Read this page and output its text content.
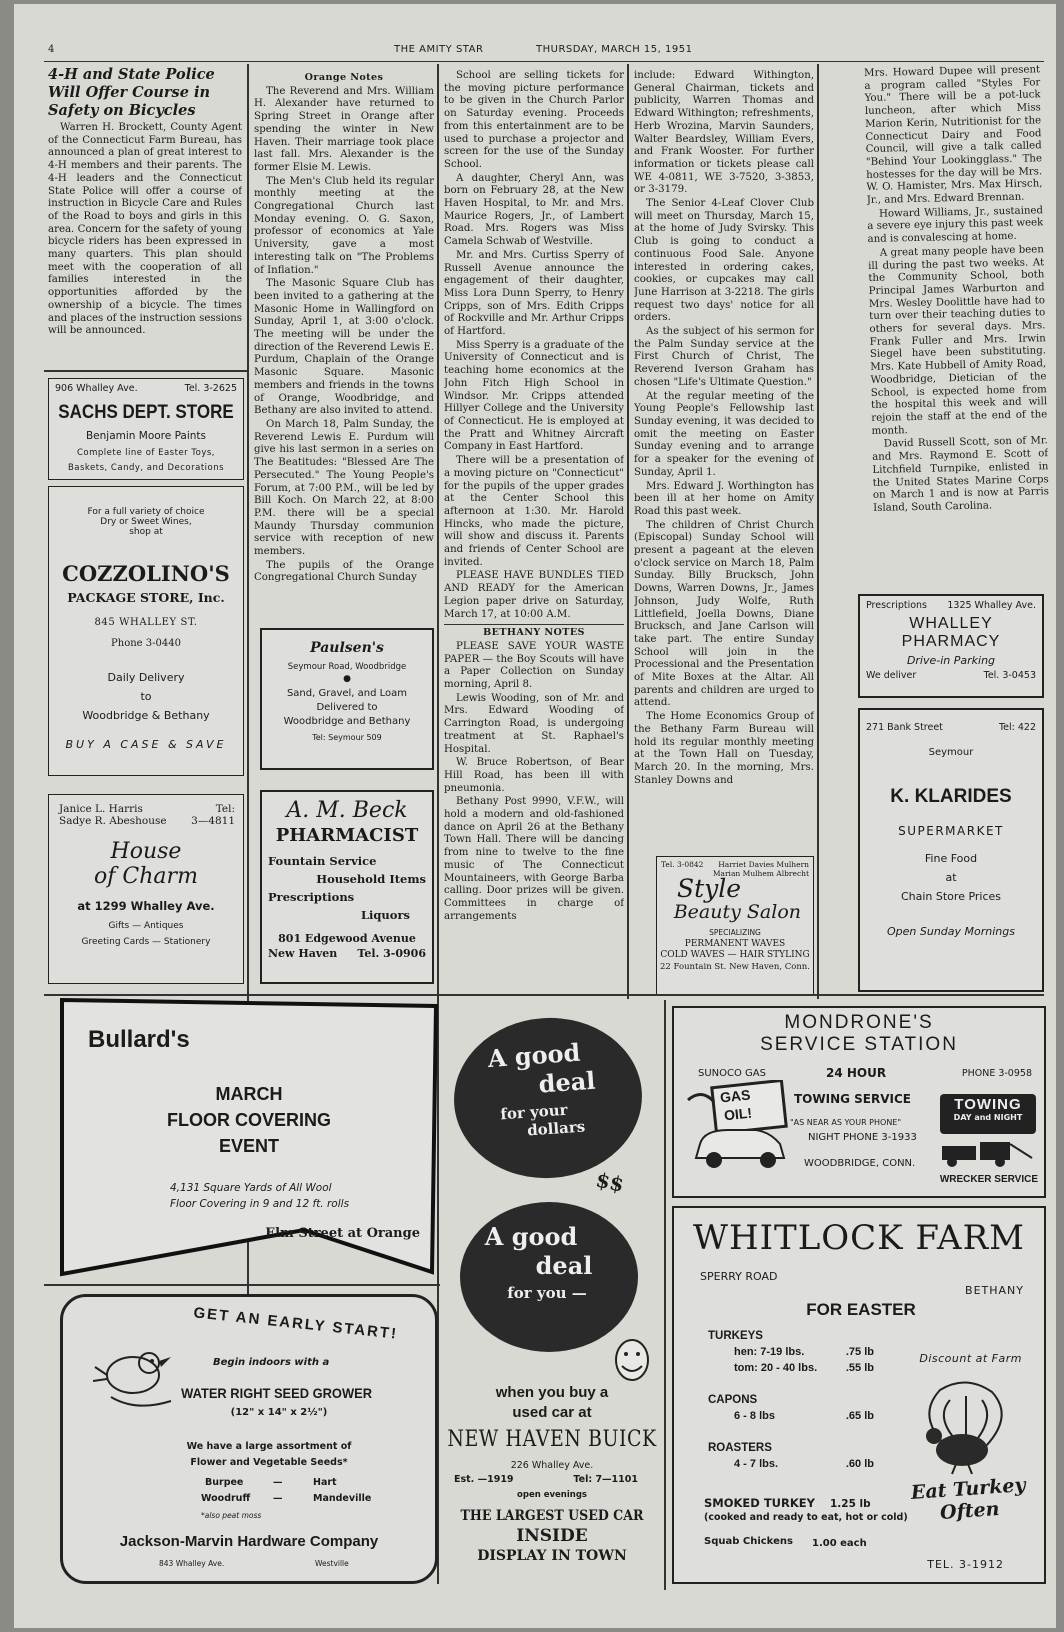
4	THE AMITY STAR	THURSDAY, MARCH 15, 1951
4-H and State Police Will Offer Course in Safety on Bicycles

Warren H. Brockett, County Agent of the Connecticut Farm Bureau, has announced a plan of great interest to 4-H members and their parents. The 4-H leaders and the Connecticut State Police will offer a course of instruction in Bicycle Care and Rules of the Road to boys and girls in this area. Concern for the safety of young bicycle riders has been expressed in many quarters. This plan should meet with the cooperation of all families interested in the opportunities afforded by the ownership of a bicycle. The times and places of the instruction sessions will be announced.

906 Whalley Ave.	Tel. 3-2625
SACHS DEPT. STORE
Benjamin Moore Paints
Complete line of Easter Toys,
Baskets, Candy, and Decorations
For a full variety of choice
Dry or Sweet Wines,
shop at
COZZOLINO'S
PACKAGE STORE, Inc.
845 WHALLEY ST.
Phone 3-0440
Daily Delivery
to
Woodbridge & Bethany
BUY A CASE & SAVE
Janice L. Harris
Sadye R. Abeshouse
Tel:
3—4811
House
of Charm
at 1299 Whalley Ave.
Gifts — Antiques
Greeting Cards — Stationery
Orange Notes

The Reverend and Mrs. William H. Alexander have returned to Spring Street in Orange after spending the winter in New Haven. Their marriage took place last fall. Mrs. Alexander is the former Elsie M. Lewis.

The Men's Club held its regular monthly meeting at the Congregational Church last Monday evening. O. G. Saxon, professor of economics at Yale University, gave a most interesting talk on "The Problems of Inflation."

The Masonic Square Club has been invited to a gathering at the Masonic Home in Wallingford on Sunday, April 1, at 3:00 o'clock. The meeting will be under the direction of the Reverend Lewis E. Purdum, Chaplain of the Orange Masonic Square. Masonic members and friends in the towns of Orange, Woodbridge, and Bethany are also invited to attend.

On March 18, Palm Sunday, the Reverend Lewis E. Purdum will give his last sermon in a series on The Beatitudes: "Blessed Are The Persecuted." The Young People's Forum, at 7:00 P.M., will be led by Bill Koch. On March 22, at 8:00 P.M. there will be a special Maundy Thursday communion service with reception of new members.

The pupils of the Orange Congregational Church Sunday

Paulsen's
Seymour Road, Woodbridge
●
Sand, Gravel, and Loam
Delivered to
Woodbridge and Bethany
Tel: Seymour 509
A. M. Beck
PHARMACIST
Fountain Service
Household Items
Prescriptions
Liquors
801 Edgewood Avenue
New Haven Tel. 3-0906

School are selling tickets for the moving picture performance to be given in the Church Parlor on Saturday evening. Proceeds from this entertainment are to be used to purchase a projector and screen for the use of the Sunday School.

A daughter, Cheryl Ann, was born on February 28, at the New Haven Hospital, to Mr. and Mrs. Maurice Rogers, Jr., of Lambert Road. Mrs. Rogers was Miss Camela Schwab of Westville.

Mr. and Mrs. Curtiss Sperry of Russell Avenue announce the engagement of their daughter, Miss Lora Dunn Sperry, to Henry Cripps, son of Mrs. Edith Cripps of Rockville and Mr. Arthur Cripps of Hartford.

Miss Sperry is a graduate of the University of Connecticut and is teaching home economics at the John Fitch High School in Windsor. Mr. Cripps attended Hillyer College and the University of Connecticut. He is employed at the Pratt and Whitney Aircraft Company in East Hartford.

There will be a presentation of a moving picture on "Connecticut" for the pupils of the upper grades at the Center School this afternoon at 1:30. Mr. Harold Hincks, who made the picture, will show and discuss it. Parents and friends of Center School are invited.

PLEASE HAVE BUNDLES TIED AND READY for the American Legion paper drive on Saturday, March 17, at 10:00 A.M.

BETHANY NOTES

PLEASE SAVE YOUR WASTE PAPER — the Boy Scouts will have a Paper Collection on Sunday morning, April 8.

Lewis Wooding, son of Mr. and Mrs. Edward Wooding of Carrington Road, is undergoing treatment at St. Raphael's Hospital.

W. Bruce Robertson, of Bear Hill Road, has been ill with pneumonia.

Bethany Post 9990, V.F.W., will hold a modern and old-fashioned dance on April 26 at the Bethany Town Hall. There will be dancing from nine to twelve to the fine music of The Connecticut Mountaineers, with George Barba calling. Door prizes will be given. Committees in charge of arrangements

include: Edward Withington, General Chairman, tickets and publicity, Warren Thomas and Edward Withington; refreshments, Herb Wrozina, Marvin Saunders, Walter Beardsley, William Evers, and Frank Wooster. For further information or tickets please call WE 4-0811, WE 3-7520, 3-3853, or 3-3179.

The Senior 4-Leaf Clover Club will meet on Thursday, March 15, at the home of Judy Svirsky. This Club is going to conduct a continuous Food Sale. Anyone interested in ordering cakes, cookies, or cupcakes may call June Harrison at 3-2218. The girls request two days' notice for all orders.

As the subject of his sermon for the Palm Sunday service at the First Church of Christ, The Reverend Iverson Graham has chosen "Life's Ultimate Question."

At the regular meeting of the Young People's Fellowship last Sunday evening, it was decided to omit the meeting on Easter Sunday evening and to arrange for a speaker for the evening of Sunday, April 1.

Mrs. Edward J. Worthington has been ill at her home on Amity Road this past week.

The children of Christ Church (Episcopal) Sunday School will present a pageant at the eleven o'clock service on March 18, Palm Sunday. Billy Brucksch, John Downs, Warren Downs, Jr., James Johnson, Judy Wolfe, Ruth Littlefield, Joella Downs, Diane Brucksch, and Jane Carlson will take part. The entire Sunday School will join in the Processional and the Presentation of Mite Boxes at the Altar. All parents and children are urged to attend.

The Home Economics Group of the Bethany Farm Bureau will hold its regular monthly meeting at the Town Hall on Tuesday, March 20. In the morning, Mrs. Stanley Downs and

Tel. 3-0842 Harriet Davies Mulhern
Marian Mulhem Albrecht
Style
Beauty Salon
SPECIALIZING
PERMANENT WAVES
COLD WAVES — HAIR STYLING
22 Fountain St. New Haven, Conn.

Mrs. Howard Dupee will present a program called "Styles For You." There will be a pot-luck luncheon, after which Miss Marion Kerin, Nutritionist for the Connecticut Dairy and Food Council, will give a talk called "Behind Your Lookingglass." The hostesses for the day will be Mrs. W. O. Hamister, Mrs. Max Hirsch, Jr., and Mrs. Edward Brennan.

Howard Williams, Jr., sustained a severe eye injury this past week and is convalescing at home.

A great many people have been ill during the past two weeks. At the Community School, both Principal James Warburton and Mrs. Wesley Doolittle have had to turn over their teaching duties to others for several days. Mrs. Frank Fuller and Mrs. Irwin Siegel have been substituting. Mrs. Kate Hubbell of Amity Road, Woodbridge, Dietician of the School, is expected home from the hospital this week and will rejoin the staff at the end of the month.

David Russell Scott, son of Mr. and Mrs. Raymond E. Scott of Litchfield Turnpike, enlisted in the United States Marine Corps on March 1 and is now at Parris Island, South Carolina.

Prescriptions 1325 Whalley Ave.
WHALLEY
PHARMACY
Drive-in Parking
We deliver	Tel. 3-0453
271 Bank Street	Tel: 422
Seymour
K. KLARIDES
SUPERMARKET
Fine Food
at
Chain Store Prices
Open Sunday Mornings
Bullard's
MARCH
FLOOR COVERING
EVENT
4,131 Square Yards of All Wool
Floor Covering in 9 and 12 ft. rolls
Elm Street at Orange
GET AN EARLY START!
Begin indoors with a
WATER RIGHT SEED GROWER
(12" x 14" x 2½")
We have a large assortment of
Flower and Vegetable Seeds*
Burpee	—	Hart
Woodruff —	Mandeville
*also peat moss
Jackson-Marvin Hardware Company
843 Whalley Ave.	Westville
A good
deal
for your
dollars
$$
A good
deal
for you —
when you buy a
used car at
NEW HAVEN BUICK
226 Whalley Ave.
Est. —1919	Tel: 7—1101
open evenings
THE LARGEST USED CAR
INSIDE
DISPLAY IN TOWN
MONDRONE'S
SERVICE STATION
SUNOCO GAS	24 HOUR	PHONE 3-0958
TOWING SERVICE
GAS
OIL!	"AS NEAR AS YOUR PHONE"
NIGHT PHONE 3-1933
WOODBRIDGE, CONN.
TOWING
DAY and NIGHT
WRECKER SERVICE
WHITLOCK FARM
SPERRY ROAD
BETHANY
FOR EASTER
Discount at Farm
TURKEYS
hen: 7-19 lbs.	.75 lb
tom: 20 - 40 lbs.	.55 lb
CAPONS
6 - 8 lbs	.65 lb
ROASTERS
4 - 7 lbs.	.60 lb
SMOKED TURKEY 1.25 lb
(cooked and ready to eat, hot or cold)
Squab Chickens 1.00 each
Eat Turkey Often
TEL. 3-1912
